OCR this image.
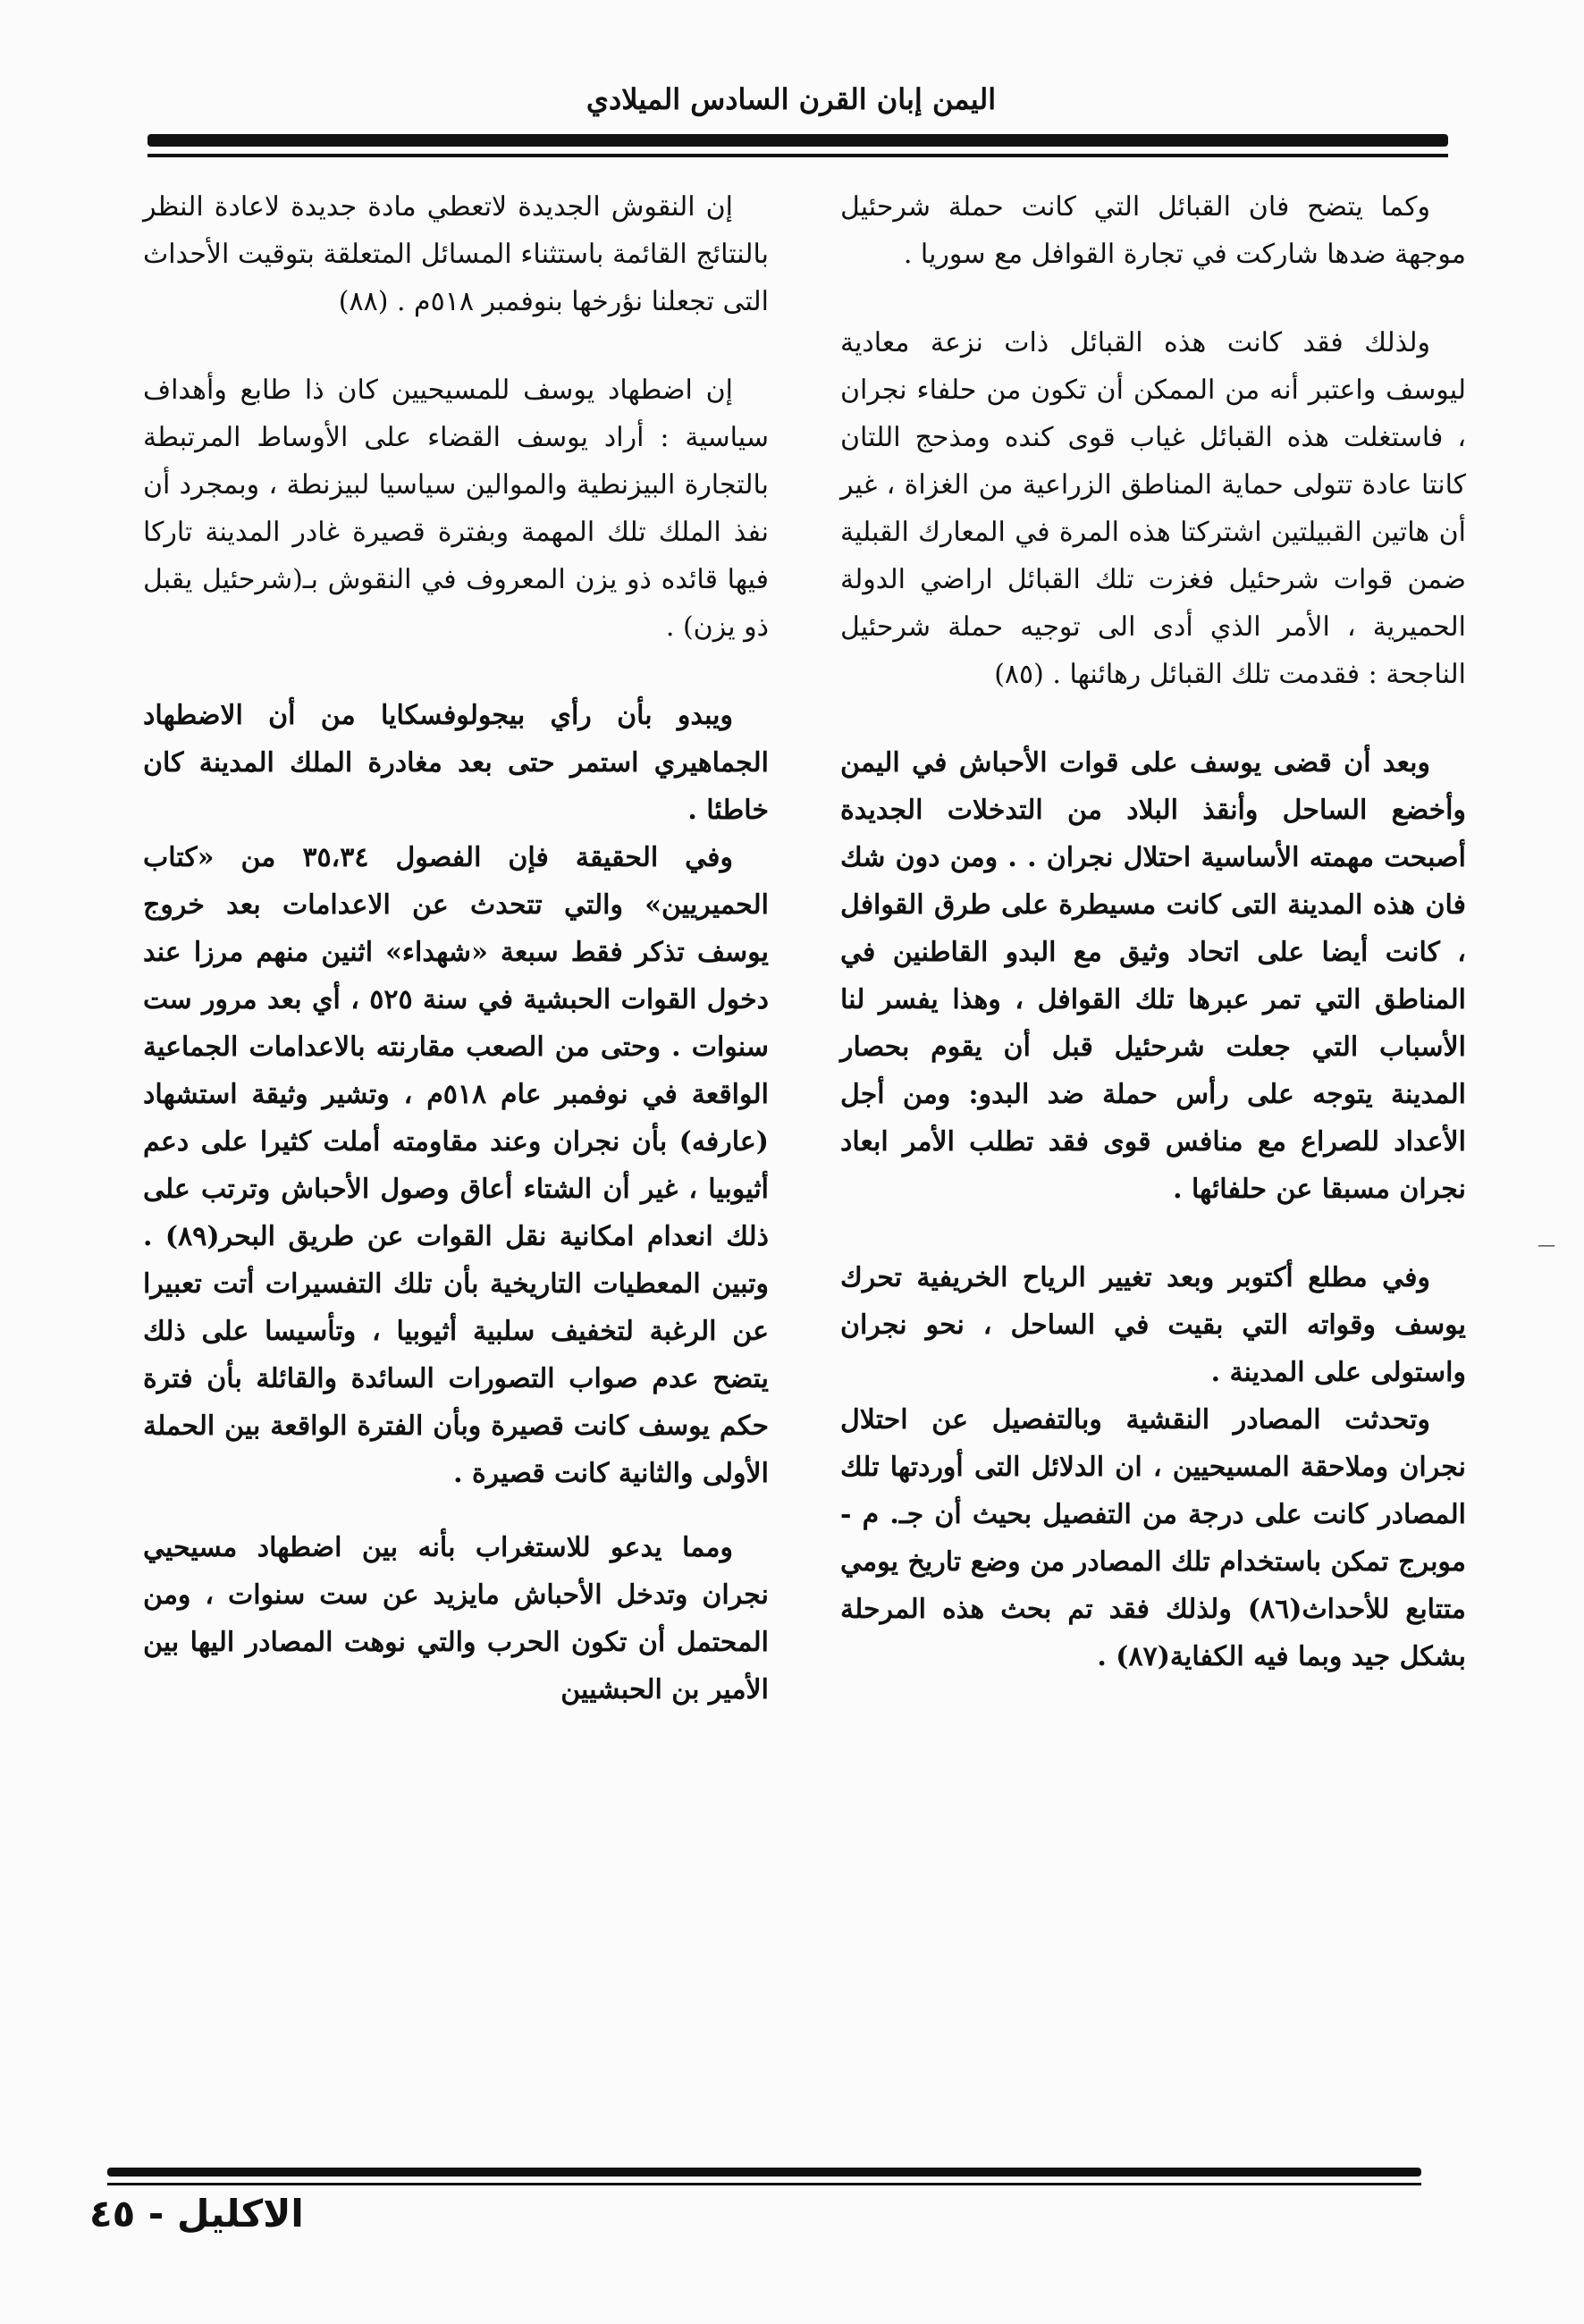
اليمن إبان القرن السادس الميلادي

وكما يتضح فان القبائل التي كانت حملة شرحئيل موجهة ضدها شاركت في تجارة القوافل مع سوريا .

ولذلك فقد كانت هذه القبائل ذات نزعة معادية ليوسف واعتبر أنه من الممكن أن تكون من حلفاء نجران ، فاستغلت هذه القبائل غياب قوى كنده ومذحج اللتان كانتا عادة تتولى حماية المناطق الزراعية من الغزاة ، غير أن هاتين القبيلتين اشتركتا هذه المرة في المعارك القبلية ضمن قوات شرحئيل فغزت تلك القبائل اراضي الدولة الحميرية ، الأمر الذي أدى الى توجيه حملة شرحئيل الناجحة : فقدمت تلك القبائل رهائنها . (٨٥)

وبعد أن قضى يوسف على قوات الأحباش في اليمن وأخضع الساحل وأنقذ البلاد من التدخلات الجديدة أصبحت مهمته الأساسية احتلال نجران . . ومن دون شك فان هذه المدينة التى كانت مسيطرة على طرق القوافل ، كانت أيضا على اتحاد وثيق مع البدو القاطنين في المناطق التي تمر عبرها تلك القوافل ، وهذا يفسر لنا الأسباب التي جعلت شرحئيل قبل أن يقوم بحصار المدينة يتوجه على رأس حملة ضد البدو: ومن أجل الأعداد للصراع مع منافس قوى فقد تطلب الأمر ابعاد نجران مسبقا عن حلفائها .

وفي مطلع أكتوبر وبعد تغيير الرياح الخريفية تحرك يوسف وقواته التي بقيت في الساحل ، نحو نجران واستولى على المدينة .

وتحدثت المصادر النقشية وبالتفصيل عن احتلال نجران وملاحقة المسيحيين ، ان الدلائل التى أوردتها تلك المصادر كانت على درجة من التفصيل بحيث أن جـ. م - موبرج تمكن باستخدام تلك المصادر من وضع تاريخ يومي متتابع للأحداث(٨٦) ولذلك فقد تم بحث هذه المرحلة بشكل جيد وبما فيه الكفاية(٨٧) .

إن النقوش الجديدة لاتعطي مادة جديدة لاعادة النظر بالنتائج القائمة باستثناء المسائل المتعلقة بتوقيت الأحداث التى تجعلنا نؤرخها بنوفمبر ٥١٨م . (٨٨)

إن اضطهاد يوسف للمسيحيين كان ذا طابع وأهداف سياسية : أراد يوسف القضاء على الأوساط المرتبطة بالتجارة البيزنطية والموالين سياسيا لبيزنطة ، وبمجرد أن نفذ الملك تلك المهمة وبفترة قصيرة غادر المدينة تاركا فيها قائده ذو يزن المعروف في النقوش بـ(شرحئيل يقبل ذو يزن) .

ويبدو بأن رأي بيجولوفسكايا من أن الاضطهاد الجماهيري استمر حتى بعد مغادرة الملك المدينة كان خاطئا .

وفي الحقيقة فإن الفصول ٣٥،٣٤ من «كتاب الحميريين» والتي تتحدث عن الاعدامات بعد خروج يوسف تذكر فقط سبعة «شهداء» اثنين منهم مرزا عند دخول القوات الحبشية في سنة ٥٢٥ ، أي بعد مرور ست سنوات . وحتى من الصعب مقارنته بالاعدامات الجماعية الواقعة في نوفمبر عام ٥١٨م ، وتشير وثيقة استشهاد (عارفه) بأن نجران وعند مقاومته أملت كثيرا على دعم أثيوبيا ، غير أن الشتاء أعاق وصول الأحباش وترتب على ذلك انعدام امكانية نقل القوات عن طريق البحر(٨٩) . وتبين المعطيات التاريخية بأن تلك التفسيرات أتت تعبيرا عن الرغبة لتخفيف سلبية أثيوبيا ، وتأسيسا على ذلك يتضح عدم صواب التصورات السائدة والقائلة بأن فترة حكم يوسف كانت قصيرة وبأن الفترة الواقعة بين الحملة الأولى والثانية كانت قصيرة .

ومما يدعو للاستغراب بأنه بين اضطهاد مسيحيي نجران وتدخل الأحباش مايزيد عن ست سنوات ، ومن المحتمل أن تكون الحرب والتي نوهت المصادر اليها بين الأمير بن الحبشيين

الاكليل - ٤٥
—
